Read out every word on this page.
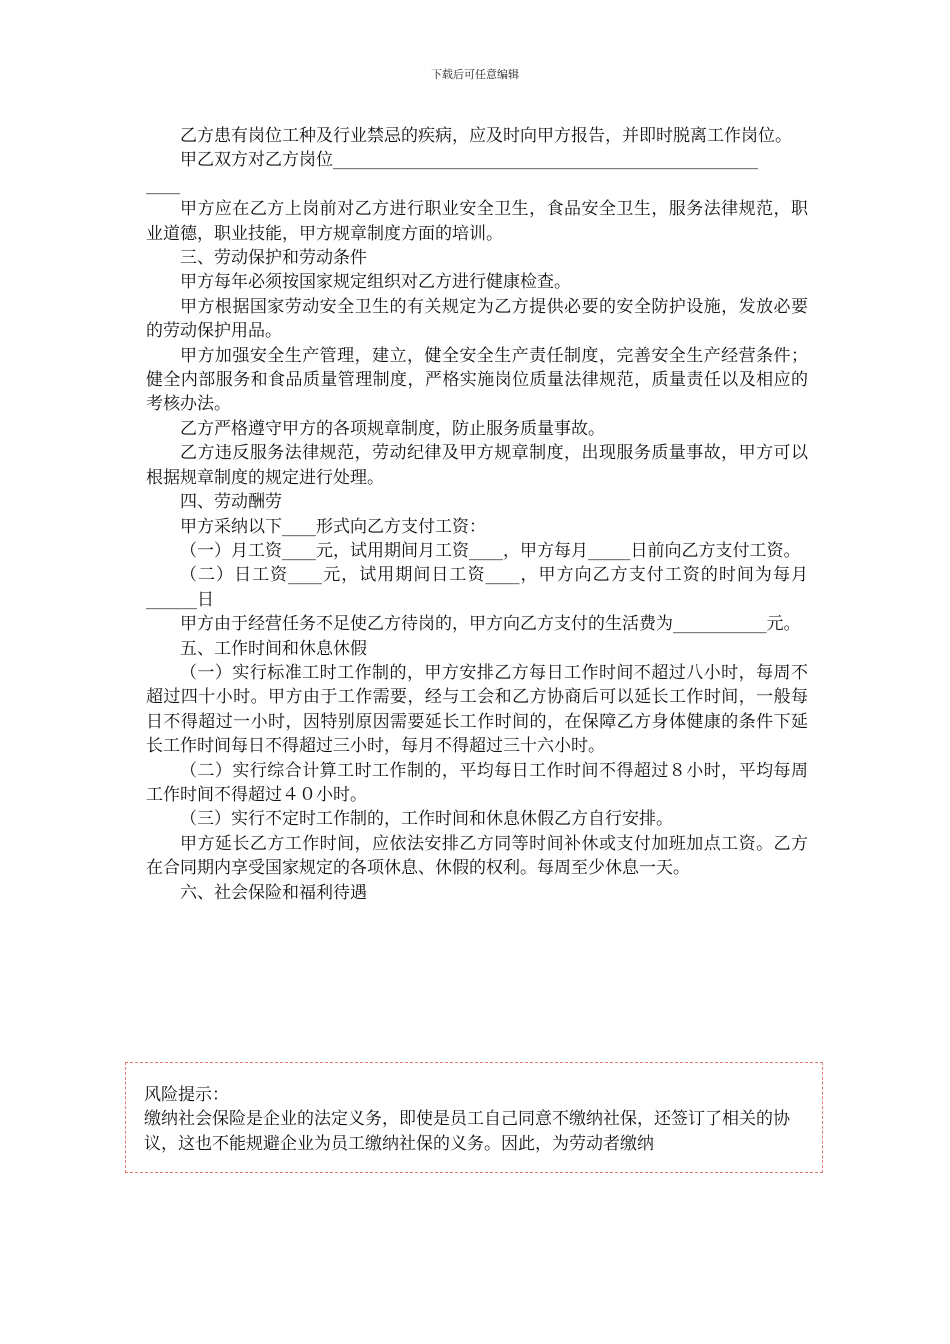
下载后可任意编辑

乙方患有岗位工种及行业禁忌的疾病，应及时向甲方报告，并即时脱离工作岗位。

甲乙双方对乙方岗位__________________________________________________

____

甲方应在乙方上岗前对乙方进行职业安全卫生，食品安全卫生，服务法律规范，职业道德，职业技能，甲方规章制度方面的培训。

三、劳动保护和劳动条件

甲方每年必须按国家规定组织对乙方进行健康检查。

甲方根据国家劳动安全卫生的有关规定为乙方提供必要的安全防护设施，发放必要的劳动保护用品。

甲方加强安全生产管理，建立，健全安全生产责任制度，完善安全生产经营条件；健全内部服务和食品质量管理制度，严格实施岗位质量法律规范，质量责任以及相应的考核办法。

乙方严格遵守甲方的各项规章制度，防止服务质量事故。

乙方违反服务法律规范，劳动纪律及甲方规章制度，出现服务质量事故，甲方可以根据规章制度的规定进行处理。

四、劳动酬劳

甲方采纳以下____形式向乙方支付工资：

（一）月工资____元，试用期间月工资____，甲方每月_____日前向乙方支付工资。

（二）日工资____元，试用期间日工资____，甲方向乙方支付工资的时间为每月______日

甲方由于经营任务不足使乙方待岗的，甲方向乙方支付的生活费为___________元。

五、工作时间和休息休假

（一）实行标准工时工作制的，甲方安排乙方每日工作时间不超过八小时，每周不超过四十小时。甲方由于工作需要，经与工会和乙方协商后可以延长工作时间，一般每日不得超过一小时，因特别原因需要延长工作时间的，在保障乙方身体健康的条件下延长工作时间每日不得超过三小时，每月不得超过三十六小时。

（二）实行综合计算工时工作制的，平均每日工作时间不得超过８小时，平均每周工作时间不得超过４０小时。

（三）实行不定时工作制的，工作时间和休息休假乙方自行安排。

甲方延长乙方工作时间，应依法安排乙方同等时间补休或支付加班加点工资。乙方在合同期内享受国家规定的各项休息、休假的权利。每周至少休息一天。

六、社会保险和福利待遇

风险提示：

缴纳社会保险是企业的法定义务，即使是员工自己同意不缴纳社保，还签订了相关的协议，这也不能规避企业为员工缴纳社保的义务。因此，为劳动者缴纳
